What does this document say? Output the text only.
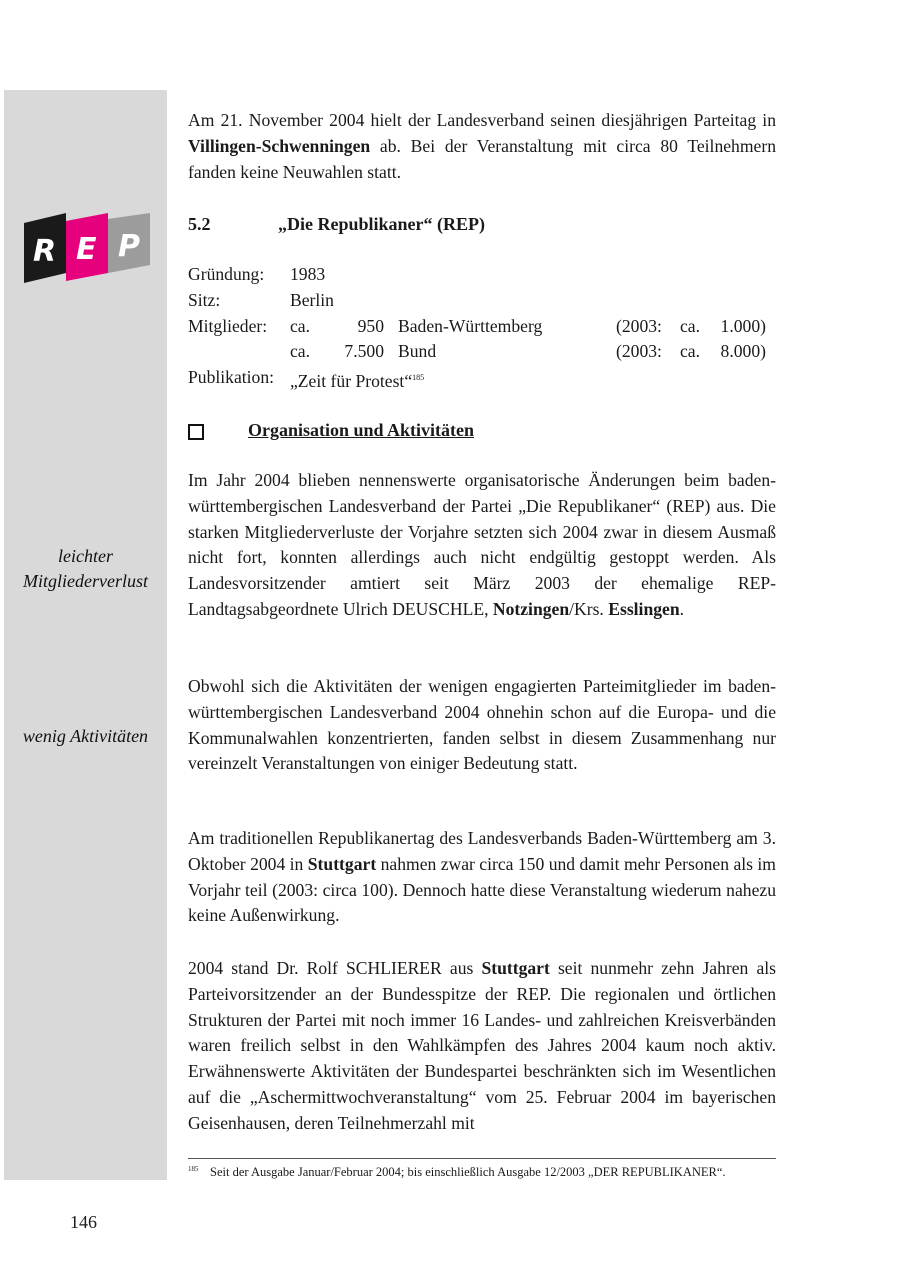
R E P
leichter Mitgliederverlust
wenig Aktivitäten

Am 21. November 2004 hielt der Landesverband seinen diesjährigen Parteitag in Villingen-Schwenningen ab. Bei der Veranstaltung mit circa 80 Teilnehmern fanden keine Neuwahlen statt.

5.2	„Die Republikaner“ (REP)
Gründung:	1983					
Sitz:	Berlin					
Mitglieder:	ca.	950	Baden-Württemberg	(2003:	ca.	1.000)
	ca.	7.500	Bund	(2003:	ca.	8.000)
Publikation:	„Zeit für Protest“$^{185}$
Organisation und Aktivitäten

Im Jahr 2004 blieben nennenswerte organisatorische Änderungen beim baden-württembergischen Landesverband der Partei „Die Republikaner“ (REP) aus. Die starken Mitgliederverluste der Vorjahre setzten sich 2004 zwar in diesem Ausmaß nicht fort, konnten allerdings auch nicht endgültig gestoppt werden. Als Landesvorsitzender amtiert seit März 2003 der ehemalige REP-Landtagsabgeordnete Ulrich DEUSCHLE, Notzingen/Krs. Esslingen.

Obwohl sich die Aktivitäten der wenigen engagierten Parteimitglieder im baden-württembergischen Landesverband 2004 ohnehin schon auf die Europa- und die Kommunalwahlen konzentrierten, fanden selbst in diesem Zusammenhang nur vereinzelt Veranstaltungen von einiger Bedeutung statt.

Am traditionellen Republikanertag des Landesverbands Baden-Württemberg am 3. Oktober 2004 in Stuttgart nahmen zwar circa 150 und damit mehr Personen als im Vorjahr teil (2003: circa 100). Dennoch hatte diese Veranstaltung wiederum nahezu keine Außenwirkung.

2004 stand Dr. Rolf SCHLIERER aus Stuttgart seit nunmehr zehn Jahren als Parteivorsitzender an der Bundesspitze der REP. Die regionalen und örtlichen Strukturen der Partei mit noch immer 16 Landes- und zahlreichen Kreisverbänden waren freilich selbst in den Wahlkämpfen des Jahres 2004 kaum noch aktiv. Erwähnenswerte Aktivitäten der Bundespartei beschränkten sich im Wesentlichen auf die „Aschermittwochveranstaltung“ vom 25. Februar 2004 im bayerischen Geisenhausen, deren Teilnehmerzahl mit

185 Seit der Ausgabe Januar/Februar 2004; bis einschließlich Ausgabe 12/2003 „DER REPUBLIKANER“.
146
